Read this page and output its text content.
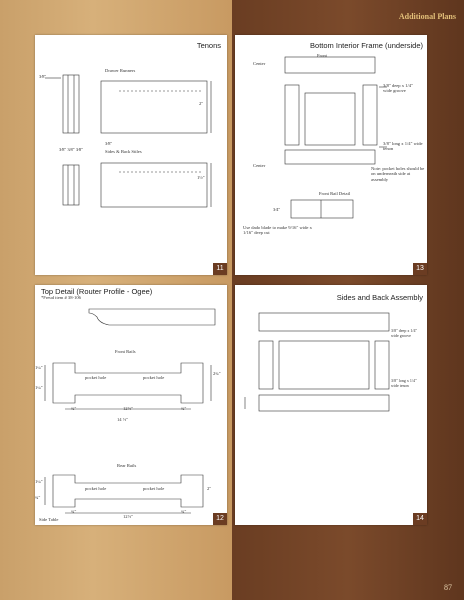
Additional Plans
87
Tenons
3⁄8″
Drawer Runners
2″
3⁄8″
3⁄8″ 3⁄8″ 3⁄8″	Sides & Back Stiles
1½″
11
Bottom Interior Frame (underside)
Front
Center
3/8″ deep x 1/4″ wide groove
3/8″ long x 1/4″ wide tenon
Center
Note: pocket holes should be on underneath side at assembly
Front Rail Detail
3⁄4″
Use dado blade to make 9/16″ wide x 1/16″ deep cut
13
Top Detail (Router Profile - Ogee)
*Freud item # 38-106
Front Rails
1¼″
1¼″
pocket hole	pocket hole
2¾″
¾″	12½″	¾″
14 ½″
Rear Rails
1¼″
¾″
pocket hole	pocket hole	2″
¾″
12½″
¾″
Side Table	12
Sides and Back Assembly
3/8″ deep x 1/4″ wide groove
3/8″ long x 1/4″ wide tenon
14
